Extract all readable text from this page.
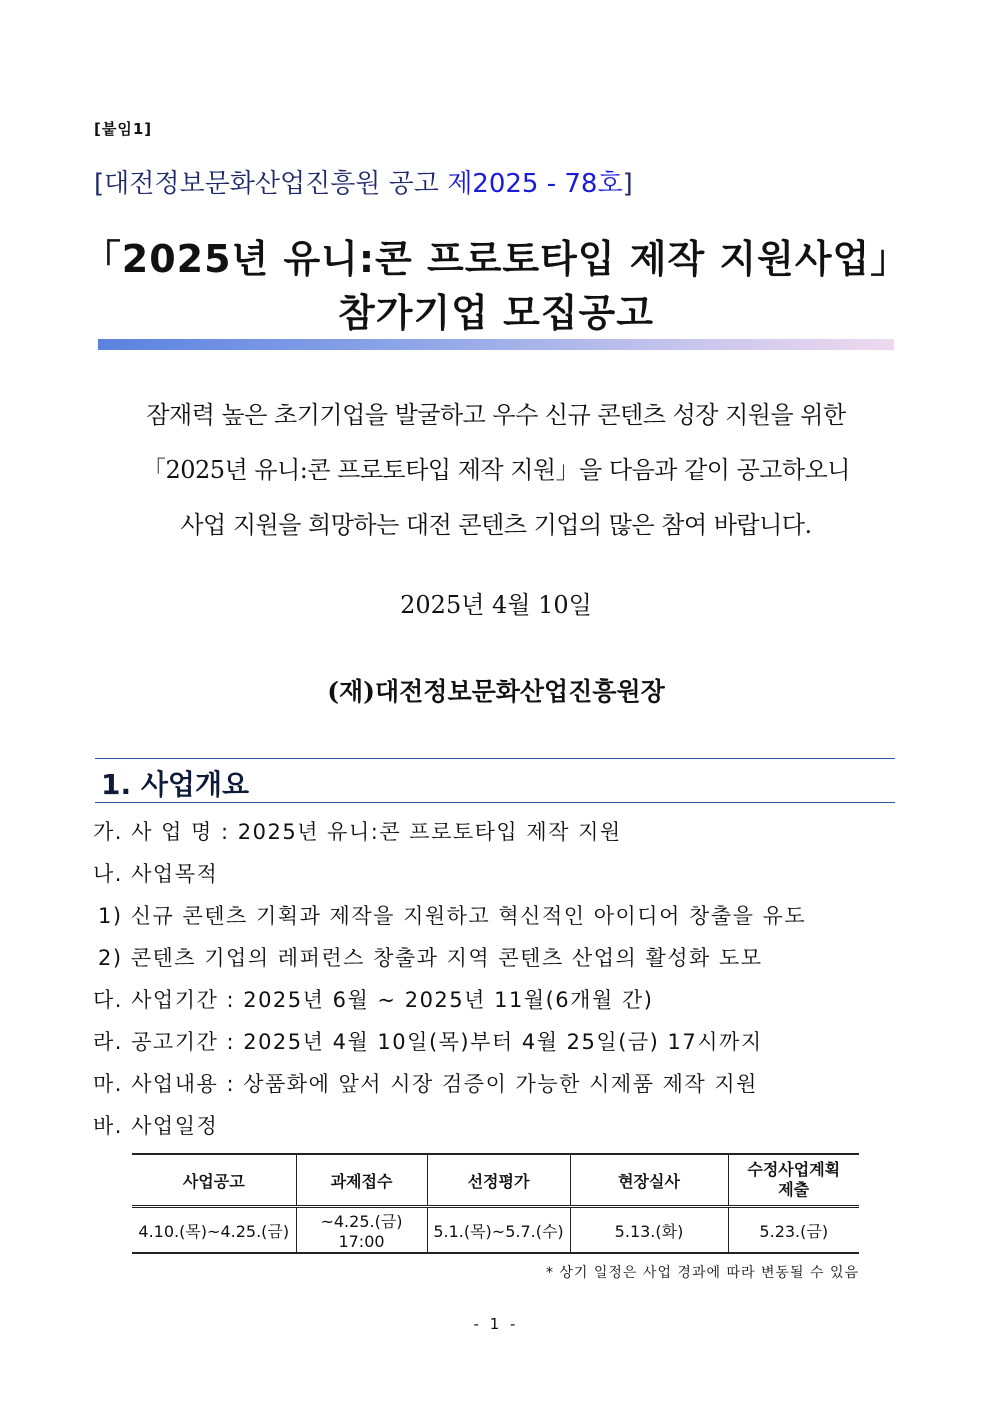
[붙임1]
[대전정보문화산업진흥원 공고 제2025 - 78호]
「2025년 유니:콘 프로토타입 제작 지원사업」
참가기업 모집공고
잠재력 높은 초기기업을 발굴하고 우수 신규 콘텐츠 성장 지원을 위한
「2025년 유니:콘 프로토타입 제작 지원」을 다음과 같이 공고하오니
사업 지원을 희망하는 대전 콘텐츠 기업의 많은 참여 바랍니다.
2025년 4월 10일
(재)대전정보문화산업진흥원장
1. 사업개요
가. 사 업 명 : 2025년 유니:콘 프로토타입 제작 지원
나. 사업목적
1) 신규 콘텐츠 기획과 제작을 지원하고 혁신적인 아이디어 창출을 유도
2) 콘텐츠 기업의 레퍼런스 창출과 지역 콘텐츠 산업의 활성화 도모
다. 사업기간 : 2025년 6월 ~ 2025년 11월(6개월 간)
라. 공고기간 : 2025년 4월 10일(목)부터 4월 25일(금) 17시까지
마. 사업내용 : 상품화에 앞서 시장 검증이 가능한 시제품 제작 지원
바. 사업일정
사업공고	과제접수	선정평가	현장실사	수정사업계획
제출
4.10.(목)~4.25.(금)	~4.25.(금) 17:00	5.1.(목)~5.7.(수)	5.13.(화)	5.23.(금)
* 상기 일정은 사업 경과에 따라 변동될 수 있음
- 1 -
